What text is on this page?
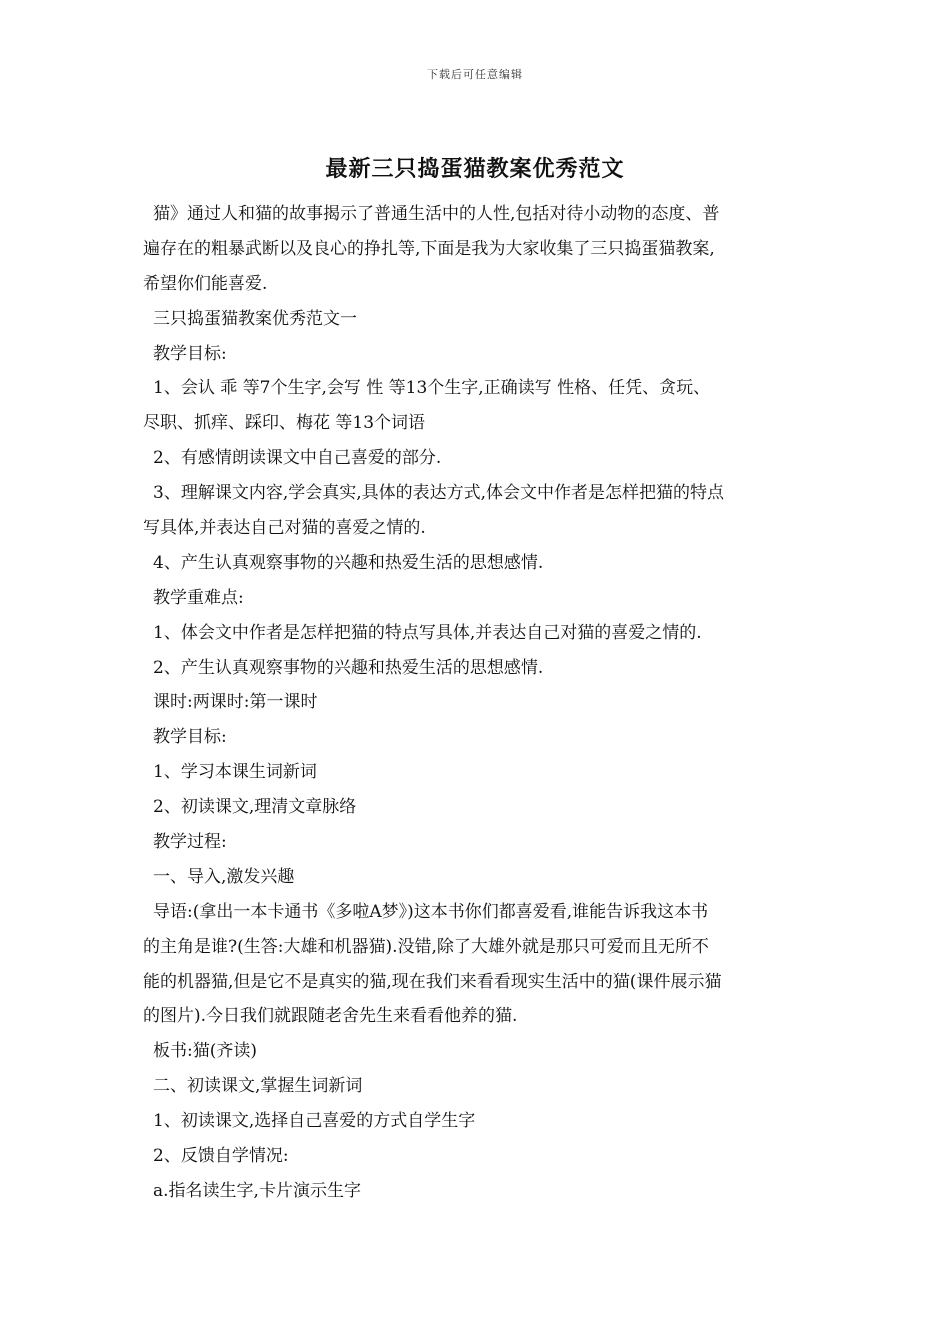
下载后可任意编辑
最新三只捣蛋猫教案优秀范文
猫》通过人和猫的故事揭示了普通生活中的人性,包括对待小动物的态度、普
遍存在的粗暴武断以及良心的挣扎等,下面是我为大家收集了三只捣蛋猫教案,
希望你们能喜爱.
三只捣蛋猫教案优秀范文一
教学目标:
1、会认 乖 等7个生字,会写 性 等13个生字,正确读写 性格、任凭、贪玩、
尽职、抓痒、踩印、梅花 等13个词语
2、有感情朗读课文中自己喜爱的部分.
3、理解课文内容,学会真实,具体的表达方式,体会文中作者是怎样把猫的特点
写具体,并表达自己对猫的喜爱之情的.
4、产生认真观察事物的兴趣和热爱生活的思想感情.
教学重难点:
1、体会文中作者是怎样把猫的特点写具体,并表达自己对猫的喜爱之情的.
2、产生认真观察事物的兴趣和热爱生活的思想感情.
课时:两课时:第一课时
教学目标:
1、学习本课生词新词
2、初读课文,理清文章脉络
教学过程:
一、导入,激发兴趣
导语:(拿出一本卡通书《多啦A梦》)这本书你们都喜爱看,谁能告诉我这本书
的主角是谁?(生答:大雄和机器猫).没错,除了大雄外就是那只可爱而且无所不
能的机器猫,但是它不是真实的猫,现在我们来看看现实生活中的猫(课件展示猫
的图片).今日我们就跟随老舍先生来看看他养的猫.
板书:猫(齐读)
二、初读课文,掌握生词新词
1、初读课文,选择自己喜爱的方式自学生字
2、反馈自学情况:
a.指名读生字,卡片演示生字
